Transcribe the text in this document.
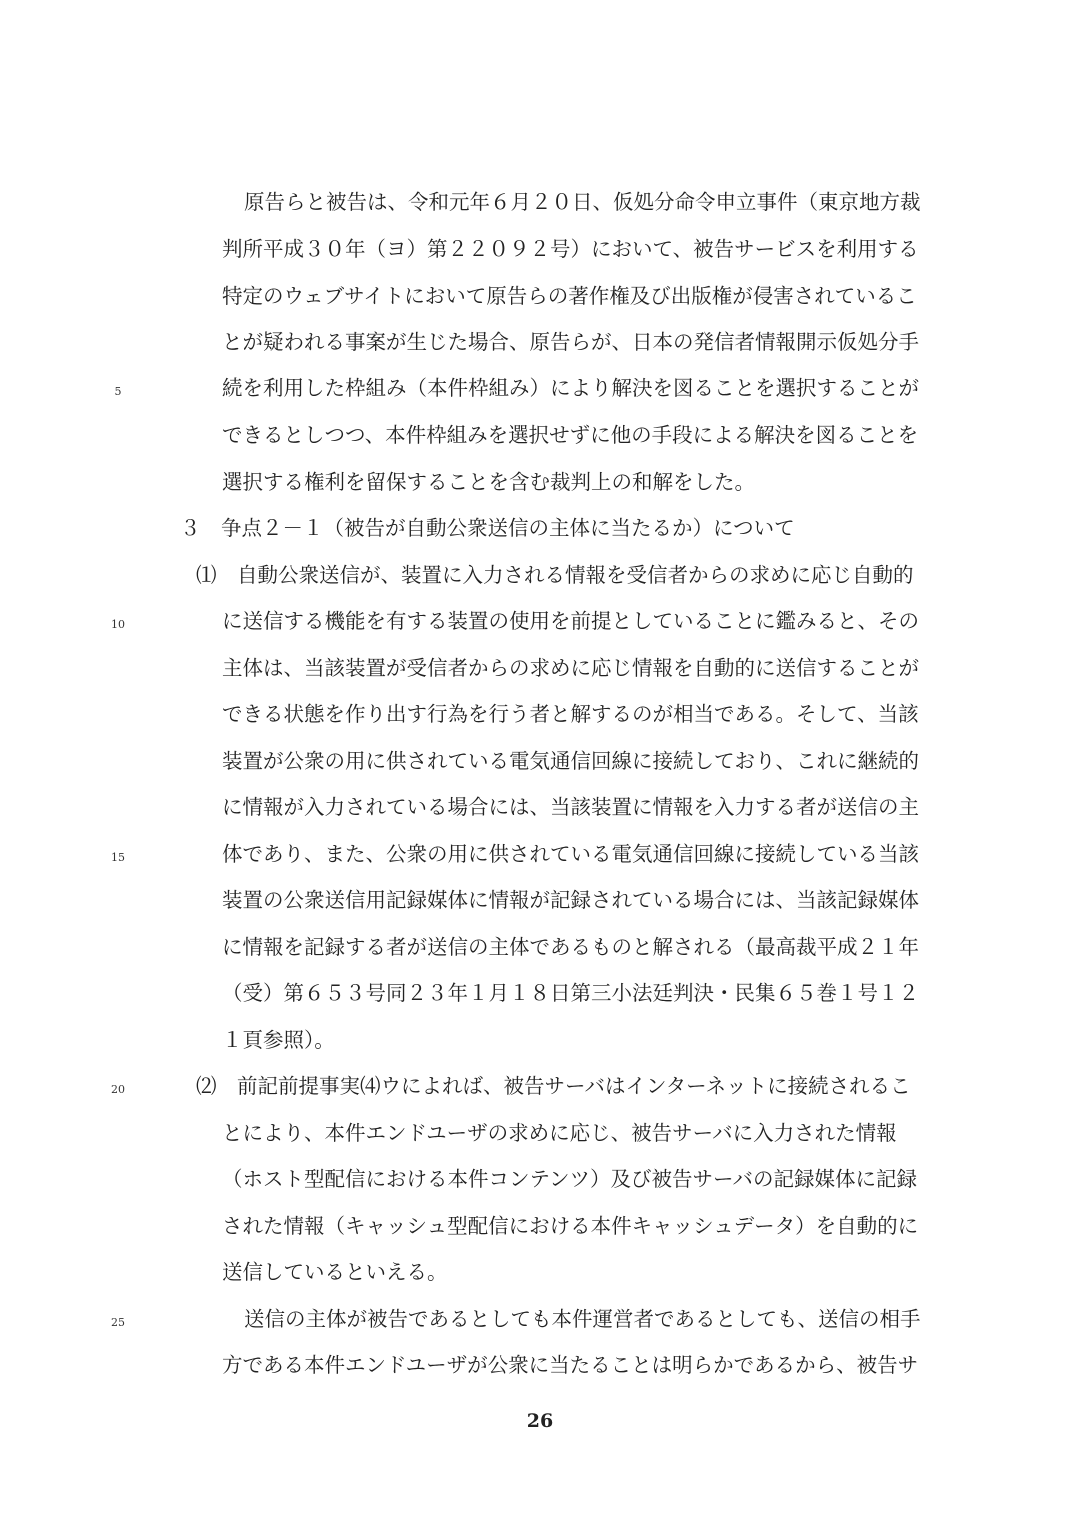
原告らと被告は、令和元年６月２０日、仮処分命令申立事件（東京地方裁
判所平成３０年（ヨ）第２２０９２号）において、被告サービスを利用する
特定のウェブサイトにおいて原告らの著作権及び出版権が侵害されているこ
とが疑われる事案が生じた場合、原告らが、日本の発信者情報開示仮処分手
続を利用した枠組み（本件枠組み）により解決を図ることを選択することが
できるとしつつ、本件枠組みを選択せずに他の手段による解決を図ることを
選択する権利を留保することを含む裁判上の和解をした。
３　争点２－１（被告が自動公衆送信の主体に当たるか）について
⑴　自動公衆送信が、装置に入力される情報を受信者からの求めに応じ自動的
に送信する機能を有する装置の使用を前提としていることに鑑みると、その
主体は、当該装置が受信者からの求めに応じ情報を自動的に送信することが
できる状態を作り出す行為を行う者と解するのが相当である。そして、当該
装置が公衆の用に供されている電気通信回線に接続しており、これに継続的
に情報が入力されている場合には、当該装置に情報を入力する者が送信の主
体であり、また、公衆の用に供されている電気通信回線に接続している当該
装置の公衆送信用記録媒体に情報が記録されている場合には、当該記録媒体
に情報を記録する者が送信の主体であるものと解される（最高裁平成２１年
（受）第６５３号同２３年１月１８日第三小法廷判決・民集６５巻１号１２
１頁参照）。
⑵　前記前提事実⑷ウによれば、被告サーバはインターネットに接続されるこ
とにより、本件エンドユーザの求めに応じ、被告サーバに入力された情報
（ホスト型配信における本件コンテンツ）及び被告サーバの記録媒体に記録
された情報（キャッシュ型配信における本件キャッシュデータ）を自動的に
送信しているといえる。
送信の主体が被告であるとしても本件運営者であるとしても、送信の相手
方である本件エンドユーザが公衆に当たることは明らかであるから、被告サ
5
10
15
20
25
26
